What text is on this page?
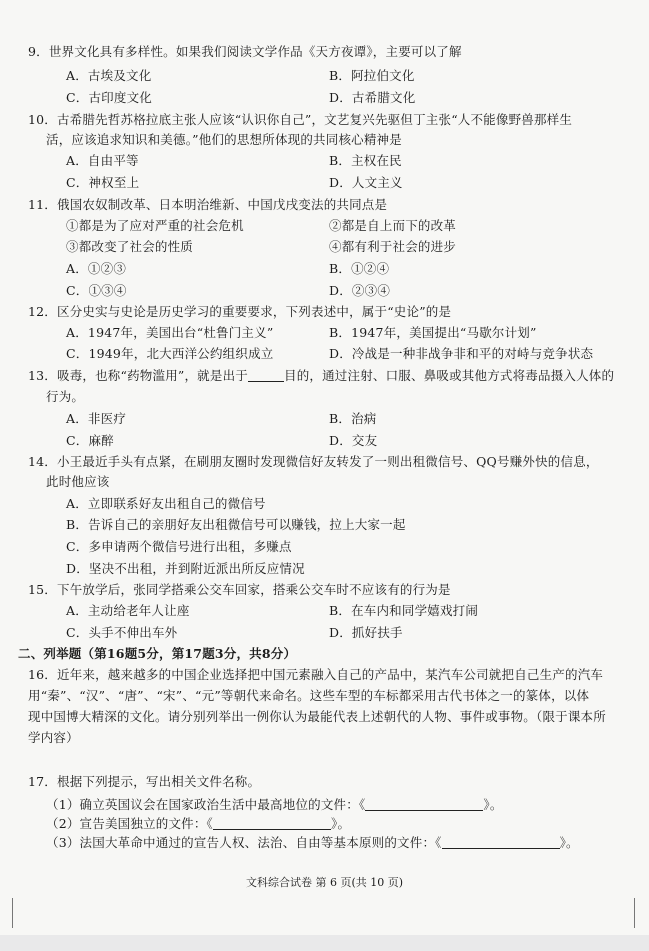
9．世界文化具有多样性。如果我们阅读文学作品《天方夜谭》，主要可以了解
A．古埃及文化	B．阿拉伯文化
C．古印度文化	D．古希腊文化
10．古希腊先哲苏格拉底主张人应该“认识你自己”，文艺复兴先驱但丁主张“人不能像野兽那样生
活，应该追求知识和美德。”他们的思想所体现的共同核心精神是
A．自由平等	B．主权在民
C．神权至上	D．人文主义
11．俄国农奴制改革、日本明治维新、中国戊戌变法的共同点是
①都是为了应对严重的社会危机	②都是自上而下的改革
③都改变了社会的性质	④都有利于社会的进步
A．①②③	B．①②④
C．①③④	D．②③④
12．区分史实与史论是历史学习的重要要求，下列表述中，属于“史论”的是
A．1947年，美国出台“杜鲁门主义”	B．1947年，美国提出“马歇尔计划”
C．1949年，北大西洋公约组织成立	D．冷战是一种非战争非和平的对峙与竞争状态
13．吸毒，也称“药物滥用”，就是出于	目的，通过注射、口服、鼻吸或其他方式将毒品摄入人体的
行为。
A．非医疗	B．治病
C．麻醉	D．交友
14．小王最近手头有点紧，在刷朋友圈时发现微信好友转发了一则出租微信号、QQ号赚外快的信息，
此时他应该
A．立即联系好友出租自己的微信号
B．告诉自己的亲朋好友出租微信号可以赚钱，拉上大家一起
C．多申请两个微信号进行出租，多赚点
D．坚决不出租，并到附近派出所反应情况
15．下午放学后，张同学搭乘公交车回家，搭乘公交车时不应该有的行为是
A．主动给老年人让座	B．在车内和同学嬉戏打闹
C．头手不伸出车外	D．抓好扶手
二、列举题（第16题5分，第17题3分，共8分）
16．近年来，越来越多的中国企业选择把中国元素融入自己的产品中，某汽车公司就把自己生产的汽车
用“秦”、“汉”、“唐”、“宋”、“元”等朝代来命名。这些车型的车标都采用古代书体之一的篆体，以体
现中国博大精深的文化。请分别列举出一例你认为最能代表上述朝代的人物、事件或事物。（限于课本所
学内容）
17．根据下列提示，写出相关文件名称。
（1）确立英国议会在国家政治生活中最高地位的文件：《	》。
（2）宣告美国独立的文件：《	》。
（3）法国大革命中通过的宣告人权、法治、自由等基本原则的文件：《	》。
文科综合试卷 第 6 页(共 10 页)
